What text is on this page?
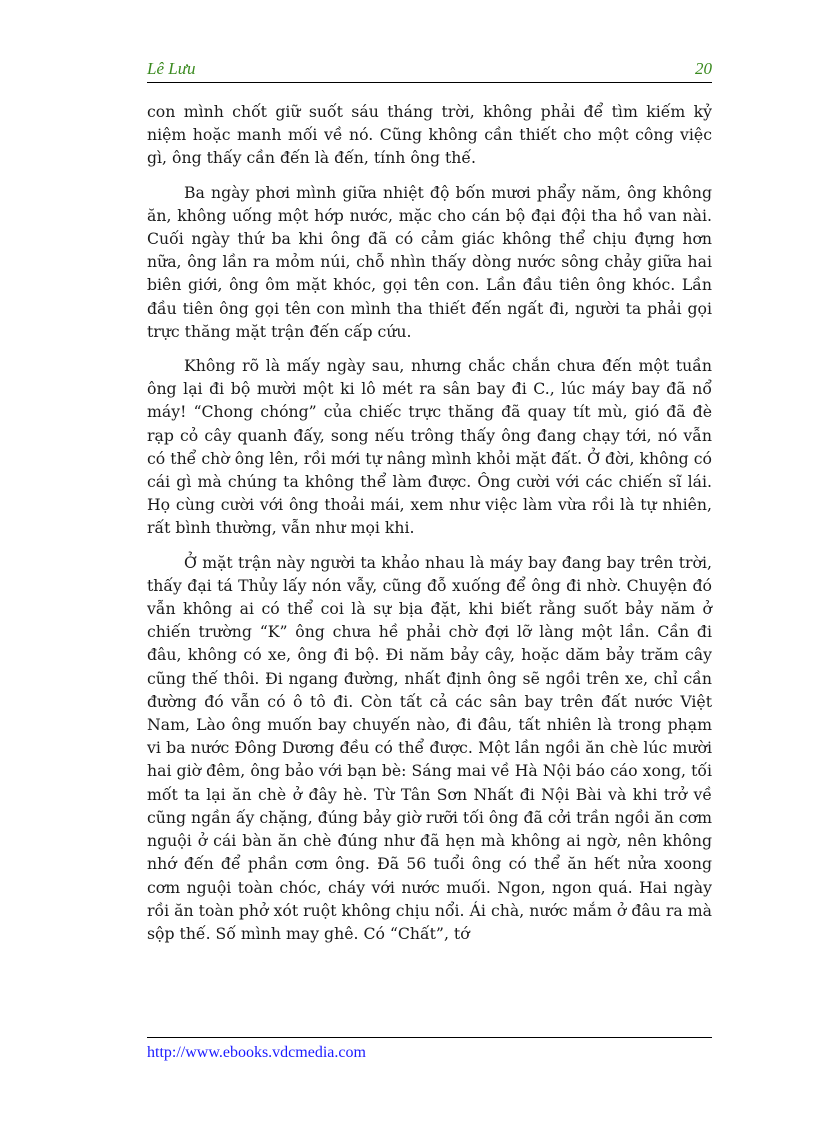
Lê Lưu	20

con mình chốt giữ suốt sáu tháng trời, không phải để tìm kiếm kỷ niệm hoặc manh mối về nó. Cũng không cần thiết cho một công việc gì, ông thấy cần đến là đến, tính ông thế.

Ba ngày phơi mình giữa nhiệt độ bốn mươi phẩy năm, ông không ăn, không uống một hớp nước, mặc cho cán bộ đại đội tha hồ van nài. Cuối ngày thứ ba khi ông đã có cảm giác không thể chịu đựng hơn nữa, ông lần ra mỏm núi, chỗ nhìn thấy dòng nước sông chảy giữa hai biên giới, ông ôm mặt khóc, gọi tên con. Lần đầu tiên ông khóc. Lần đầu tiên ông gọi tên con mình tha thiết đến ngất đi, người ta phải gọi trực thăng mặt trận đến cấp cứu.

Không rõ là mấy ngày sau, nhưng chắc chắn chưa đến một tuần ông lại đi bộ mười một ki lô mét ra sân bay đi C., lúc máy bay đã nổ máy! “Chong chóng” của chiếc trực thăng đã quay tít mù, gió đã đè rạp cỏ cây quanh đấy, song nếu trông thấy ông đang chạy tới, nó vẫn có thể chờ ông lên, rồi mới tự nâng mình khỏi mặt đất. Ở đời, không có cái gì mà chúng ta không thể làm được. Ông cười với các chiến sĩ lái. Họ cùng cười với ông thoải mái, xem như việc làm vừa rồi là tự nhiên, rất bình thường, vẫn như mọi khi.

Ở mặt trận này người ta khảo nhau là máy bay đang bay trên trời, thấy đại tá Thủy lấy nón vẫy, cũng đỗ xuống để ông đi nhờ. Chuyện đó vẫn không ai có thể coi là sự bịa đặt, khi biết rằng suốt bảy năm ở chiến trường “K” ông chưa hề phải chờ đợi lỡ làng một lần. Cần đi đâu, không có xe, ông đi bộ. Đi năm bảy cây, hoặc dăm bảy trăm cây cũng thế thôi. Đi ngang đường, nhất định ông sẽ ngồi trên xe, chỉ cần đường đó vẫn có ô tô đi. Còn tất cả các sân bay trên đất nước Việt Nam, Lào ông muốn bay chuyến nào, đi đâu, tất nhiên là trong phạm vi ba nước Đông Dương đều có thể được. Một lần ngồi ăn chè lúc mười hai giờ đêm, ông bảo với bạn bè: Sáng mai về Hà Nội báo cáo xong, tối mốt ta lại ăn chè ở đây hè. Từ Tân Sơn Nhất đi Nội Bài và khi trở về cũng ngần ấy chặng, đúng bảy giờ rưỡi tối ông đã cởi trần ngồi ăn cơm nguội ở cái bàn ăn chè đúng như đã hẹn mà không ai ngờ, nên không nhớ đến để phần cơm ông. Đã 56 tuổi ông có thể ăn hết nửa xoong cơm nguội toàn chóc, cháy với nước muối. Ngon, ngon quá. Hai ngày rồi ăn toàn phở xót ruột không chịu nổi. Ái chà, nước mắm ở đâu ra mà sộp thế. Số mình may ghê. Có “Chất”, tớ

http://www.ebooks.vdcmedia.com
